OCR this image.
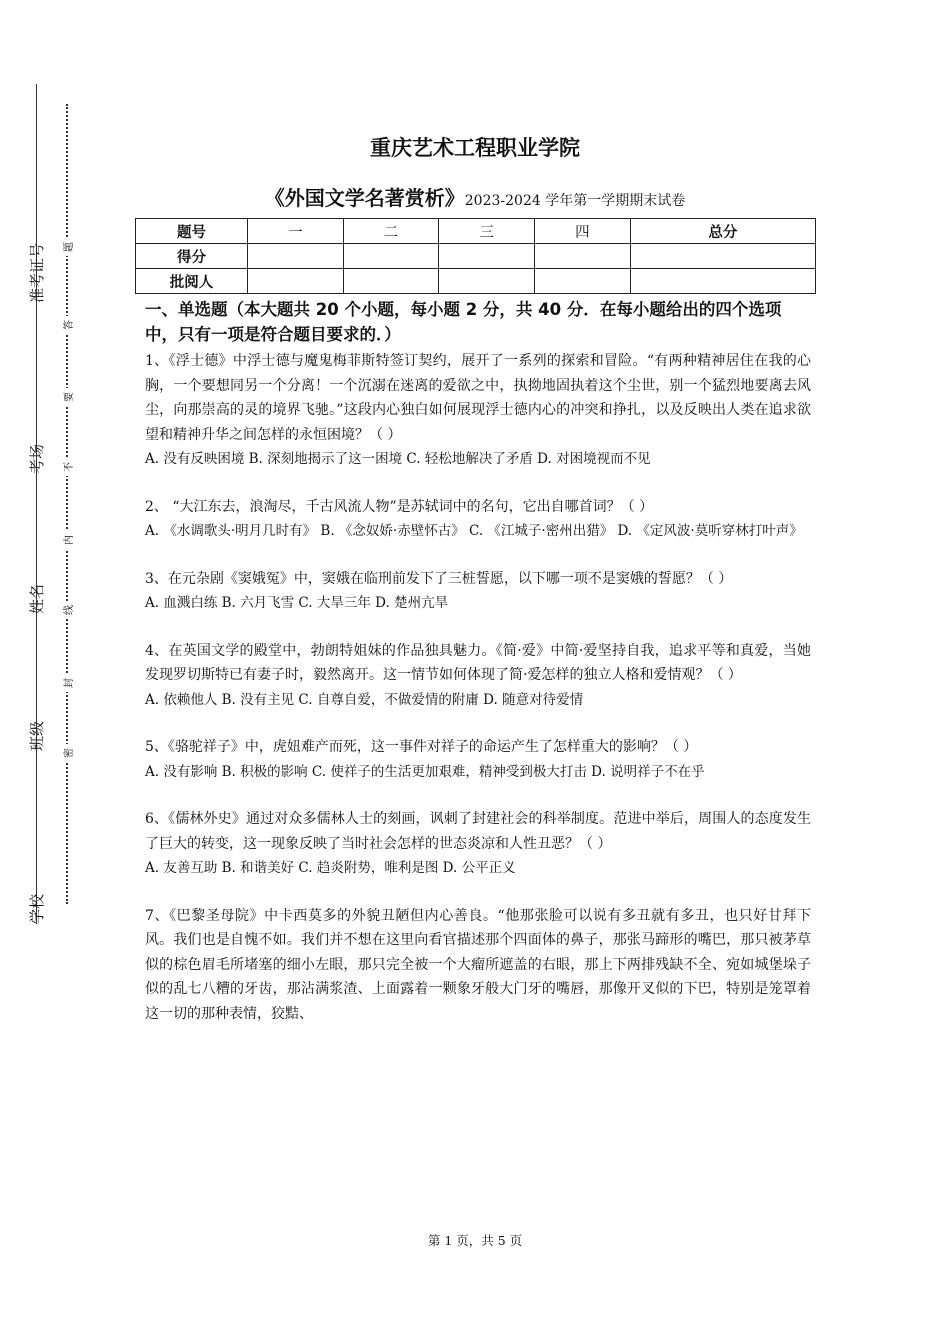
准考证号
考场
姓名
班级
学校
题
答
要
不
内
线
封
密
重庆艺术工程职业学院
《外国文学名著赏析》2023-2024 学年第一学期期末试卷
题号	一	二	三	四	总分
得分					
批阅人					
一、单选题（本大题共 20 个小题，每小题 2 分，共 40 分．在每小题给出的四个选项中，只有一项是符合题目要求的．）

1、《浮士德》中浮士德与魔鬼梅菲斯特签订契约，展开了一系列的探索和冒险。“有两种精神居住在我的心胸，一个要想同另一个分离！一个沉溺在迷离的爱欲之中，执拗地固执着这个尘世，别一个猛烈地要离去风尘，向那崇高的灵的境界飞驰。”这段内心独白如何展现浮士德内心的冲突和挣扎，以及反映出人类在追求欲望和精神升华之间怎样的永恒困境？（ ）

A. 没有反映困境 B. 深刻地揭示了这一困境 C. 轻松地解决了矛盾 D. 对困境视而不见

2、 “大江东去，浪淘尽，千古风流人物”是苏轼词中的名句，它出自哪首词？（ ）

A. 《水调歌头·明月几时有》 B. 《念奴娇·赤壁怀古》 C. 《江城子·密州出猎》 D. 《定风波·莫听穿林打叶声》

3、在元杂剧《窦娥冤》中，窦娥在临刑前发下了三桩誓愿，以下哪一项不是窦娥的誓愿？（ ）

A. 血溅白练 B. 六月飞雪 C. 大旱三年 D. 楚州亢旱

4、在英国文学的殿堂中，勃朗特姐妹的作品独具魅力。《简·爱》中简·爱坚持自我，追求平等和真爱，当她发现罗切斯特已有妻子时，毅然离开。这一情节如何体现了简·爱怎样的独立人格和爱情观？（ ）

A. 依赖他人 B. 没有主见 C. 自尊自爱，不做爱情的附庸 D. 随意对待爱情

5、《骆驼祥子》中，虎妞难产而死，这一事件对祥子的命运产生了怎样重大的影响？（ ）

A. 没有影响 B. 积极的影响 C. 使祥子的生活更加艰难，精神受到极大打击 D. 说明祥子不在乎

6、《儒林外史》通过对众多儒林人士的刻画，讽刺了封建社会的科举制度。范进中举后，周围人的态度发生了巨大的转变，这一现象反映了当时社会怎样的世态炎凉和人性丑恶？（ ）

A. 友善互助 B. 和谐美好 C. 趋炎附势，唯利是图 D. 公平正义

7、《巴黎圣母院》中卡西莫多的外貌丑陋但内心善良。“他那张脸可以说有多丑就有多丑，也只好甘拜下风。我们也是自愧不如。我们并不想在这里向看官描述那个四面体的鼻子，那张马蹄形的嘴巴，那只被茅草似的棕色眉毛所堵塞的细小左眼，那只完全被一个大瘤所遮盖的右眼，那上下两排残缺不全、宛如城堡垛子似的乱七八糟的牙齿，那沾满浆渣、上面露着一颗象牙般大门牙的嘴唇，那像开叉似的下巴，特别是笼罩着这一切的那种表情，狡黠、

第 1 页，共 5 页
